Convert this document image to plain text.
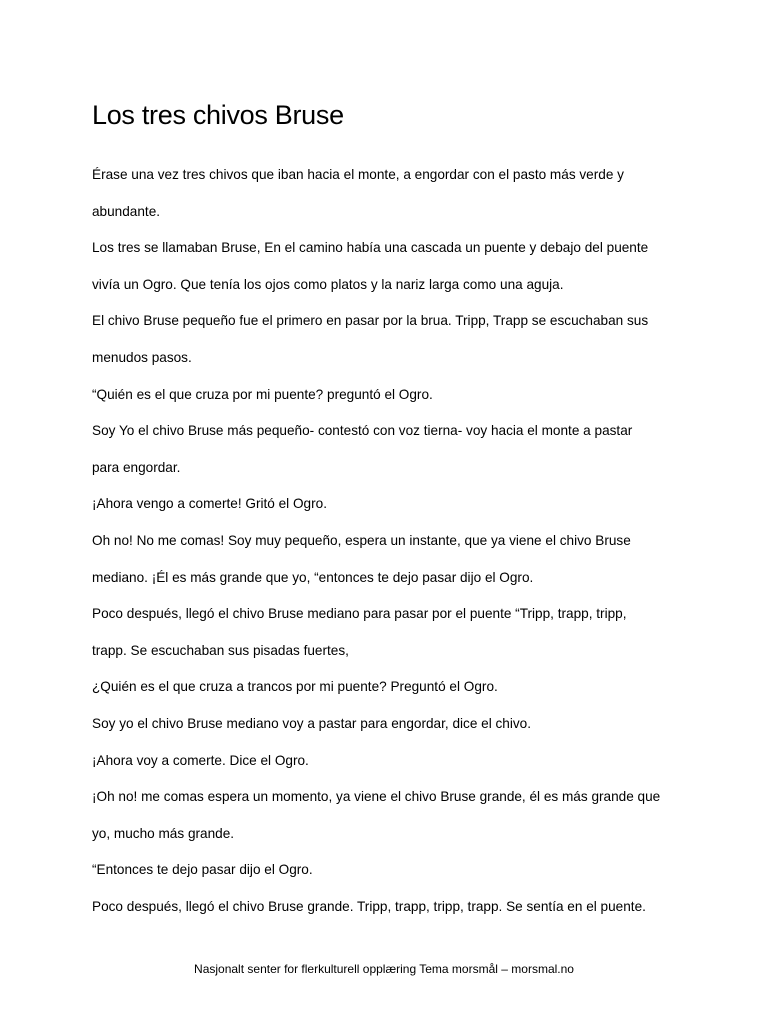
Los tres chivos Bruse
Érase una vez tres chivos que iban hacia el monte, a engordar con el pasto más verde y
abundante.
Los tres se llamaban Bruse, En el camino había una cascada un puente y debajo del puente
vivía un Ogro. Que tenía los ojos como platos y la nariz larga como una aguja.
El chivo Bruse pequeño fue el primero en pasar por la brua. Tripp, Trapp se escuchaban sus
menudos pasos.
“Quién es el que cruza por mi puente? preguntó el Ogro.
Soy Yo el chivo Bruse más pequeño- contestó con voz tierna- voy hacia el monte a pastar
para engordar.
¡Ahora vengo a comerte! Gritó el Ogro.
Oh no! No me comas! Soy muy pequeño, espera un instante, que ya viene el chivo Bruse
mediano. ¡Él es más grande que yo, “entonces te dejo pasar dijo el Ogro.
Poco después, llegó el chivo Bruse mediano para pasar por el puente “Tripp, trapp, tripp,
trapp. Se escuchaban sus pisadas fuertes,
¿Quién es el que cruza a trancos por mi puente? Preguntó el Ogro.
Soy yo el chivo Bruse mediano voy a pastar para engordar, dice el chivo.
¡Ahora voy a comerte. Dice el Ogro.
¡Oh no! me comas espera un momento, ya viene el chivo Bruse grande, él es más grande que
yo, mucho más grande.
“Entonces te dejo pasar dijo el Ogro.
Poco después, llegó el chivo Bruse grande. Tripp, trapp, tripp, trapp. Se sentía en el puente.
Nasjonalt senter for flerkulturell opplæring Tema morsmål – morsmal.no
